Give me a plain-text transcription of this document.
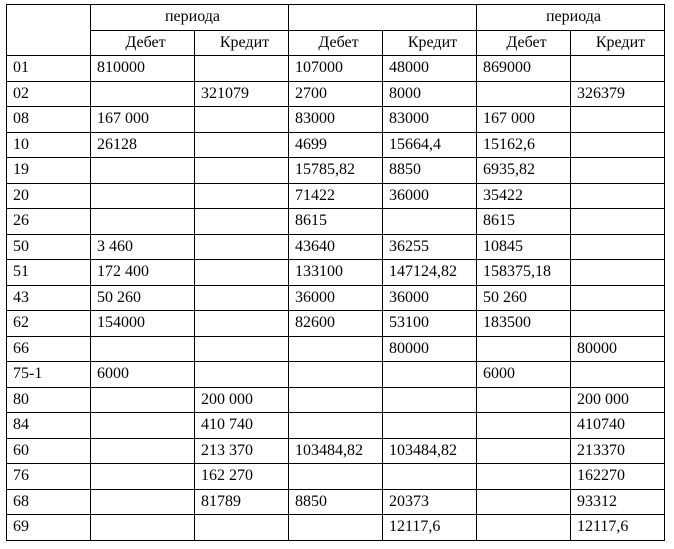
	периода				периода	
	Дебет	Кредит	Дебет	Кредит	Дебет	Кредит
01	810000		107000	48000	869000	
02		321079	2700	8000		326379
08	167 000		83000	83000	167 000	
10	26128		4699	15664,4	15162,6	
19			15785,82	8850	6935,82	
20			71422	36000	35422	
26			8615		8615	
50	3 460		43640	36255	10845	
51	172 400		133100	147124,82	158375,18	
43	50 260		36000	36000	50 260	
62	154000		82600	53100	183500	
66				80000		80000
75-1	6000				6000	
80		200 000				200 000
84		410 740				410740
60		213 370	103484,82	103484,82		213370
76		162 270				162270
68		81789	8850	20373		93312
69				12117,6		12117,6
